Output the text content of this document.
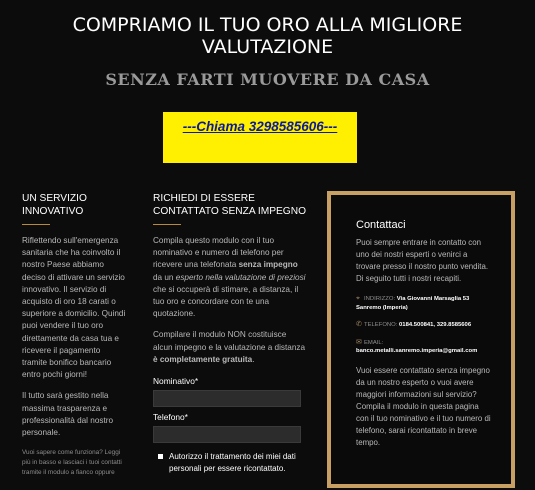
COMPRIAMO IL TUO ORO ALLA MIGLIORE VALUTAZIONE
SENZA FARTI MUOVERE DA CASA
---Chiama 3298585606---
UN SERVIZIO INNOVATIVO

Riflettendo sull'emergenza sanitaria che ha coinvolto il nostro Paese abbiamo deciso di attivare un servizio innovativo. Il servizio di acquisto di oro 18 carati o superiore a domicilio. Quindi puoi vendere il tuo oro direttamente da casa tua e ricevere il pagamento tramite bonifico bancario entro pochi giorni!

Il tutto sarà gestito nella massima trasparenza e professionalità dal nostro personale.

Vuoi sapere come funziona? Leggi più in basso e lasciaci i tuoi contatti tramite il modulo a fianco oppure

RICHIEDI DI ESSERE CONTATTATO SENZA IMPEGNO

Compila questo modulo con il tuo nominativo e numero di telefono per ricevere una telefonata senza impegno da un esperto nella valutazione di preziosi che si occuperà di stimare, a distanza, il tuo oro e concordare con te una quotazione.

Compilare il modulo NON costituisce alcun impegno e la valutazione a distanza è completamente gratuita.

Nominativo*
Telefono*
Autorizzo il trattamento dei miei dati personali per essere ricontattato.
Contattaci

Puoi sempre entrare in contatto con uno dei nostri esperti o venirci a trovare presso il nostro punto vendita. Di seguito tutti i nostri recapiti.

⌖ INDIRIZZO: Via Giovanni Marsaglia 53 Sanremo (Imperia)
✆ TELEFONO: 0184.500841, 329.8585606
✉ EMAIL:
banco.metalli.sanremo.imperia@gmail.com

Vuoi essere contattato senza impegno da un nostro esperto o vuoi avere maggiori informazioni sul servizio? Compila il modulo in questa pagina con il tuo nominativo e il tuo numero di telefono, sarai ricontattato in breve tempo.
